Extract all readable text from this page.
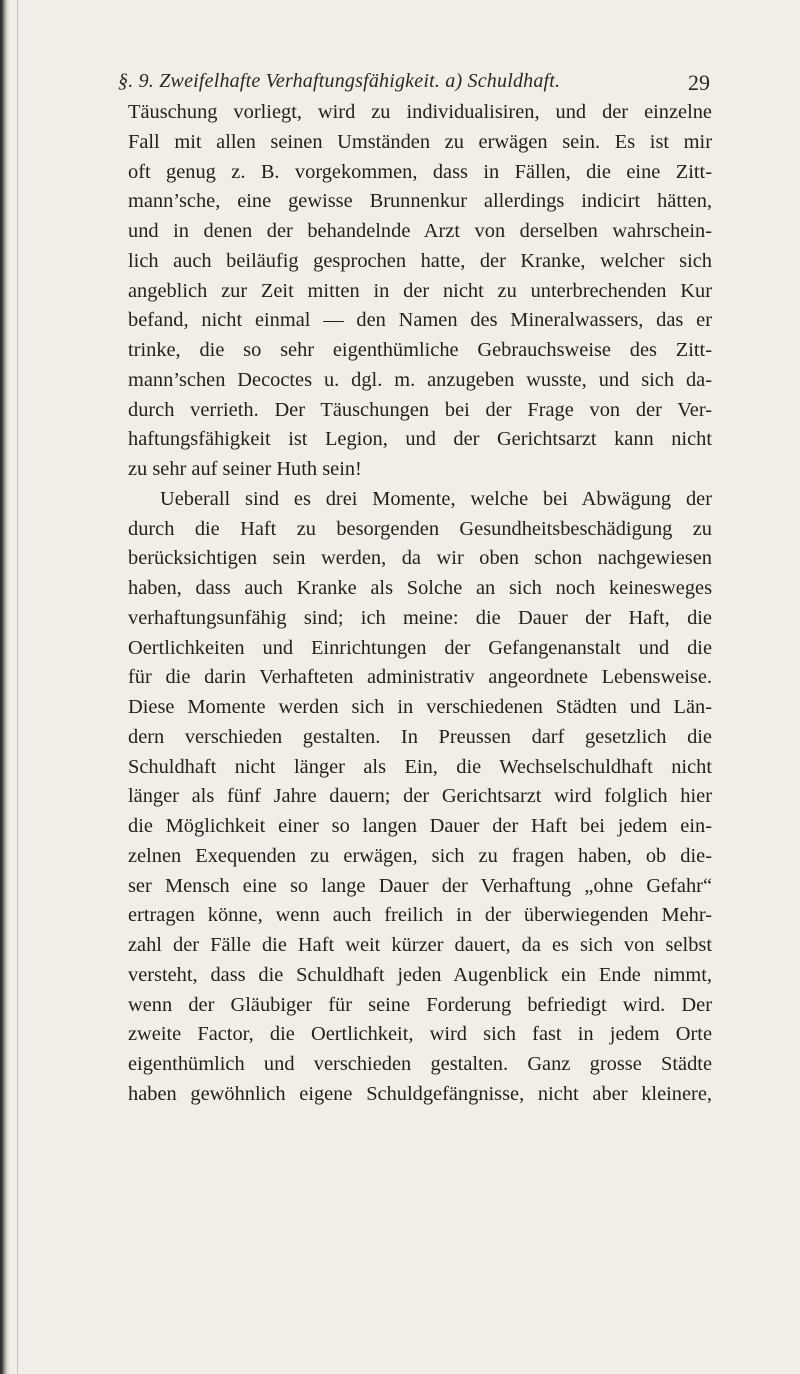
§. 9. Zweifelhafte Verhaftungsfähigkeit. a) Schuldhaft.	29
Täuschung vorliegt, wird zu individualisiren, und der einzelne
Fall mit allen seinen Umständen zu erwägen sein. Es ist mir
oft genug z. B. vorgekommen, dass in Fällen, die eine Zitt-
mann’sche, eine gewisse Brunnenkur allerdings indicirt hätten,
und in denen der behandelnde Arzt von derselben wahrschein-
lich auch beiläufig gesprochen hatte, der Kranke, welcher sich
angeblich zur Zeit mitten in der nicht zu unterbrechenden Kur
befand, nicht einmal — den Namen des Mineralwassers, das er
trinke, die so sehr eigenthümliche Gebrauchsweise des Zitt-
mann’schen Decoctes u. dgl. m. anzugeben wusste, und sich da-
durch verrieth. Der Täuschungen bei der Frage von der Ver-
haftungsfähigkeit ist Legion, und der Gerichtsarzt kann nicht
zu sehr auf seiner Huth sein!
Ueberall sind es drei Momente, welche bei Abwägung der
durch die Haft zu besorgenden Gesundheitsbeschädigung zu
berücksichtigen sein werden, da wir oben schon nachgewiesen
haben, dass auch Kranke als Solche an sich noch keinesweges
verhaftungsunfähig sind; ich meine: die Dauer der Haft, die
Oertlichkeiten und Einrichtungen der Gefangenanstalt und die
für die darin Verhafteten administrativ angeordnete Lebensweise.
Diese Momente werden sich in verschiedenen Städten und Län-
dern verschieden gestalten. In Preussen darf gesetzlich die
Schuldhaft nicht länger als Ein, die Wechselschuldhaft nicht
länger als fünf Jahre dauern; der Gerichtsarzt wird folglich hier
die Möglichkeit einer so langen Dauer der Haft bei jedem ein-
zelnen Exequenden zu erwägen, sich zu fragen haben, ob die-
ser Mensch eine so lange Dauer der Verhaftung „ohne Gefahr“
ertragen könne, wenn auch freilich in der überwiegenden Mehr-
zahl der Fälle die Haft weit kürzer dauert, da es sich von selbst
versteht, dass die Schuldhaft jeden Augenblick ein Ende nimmt,
wenn der Gläubiger für seine Forderung befriedigt wird. Der
zweite Factor, die Oertlichkeit, wird sich fast in jedem Orte
eigenthümlich und verschieden gestalten. Ganz grosse Städte
haben gewöhnlich eigene Schuldgefängnisse, nicht aber kleinere,
